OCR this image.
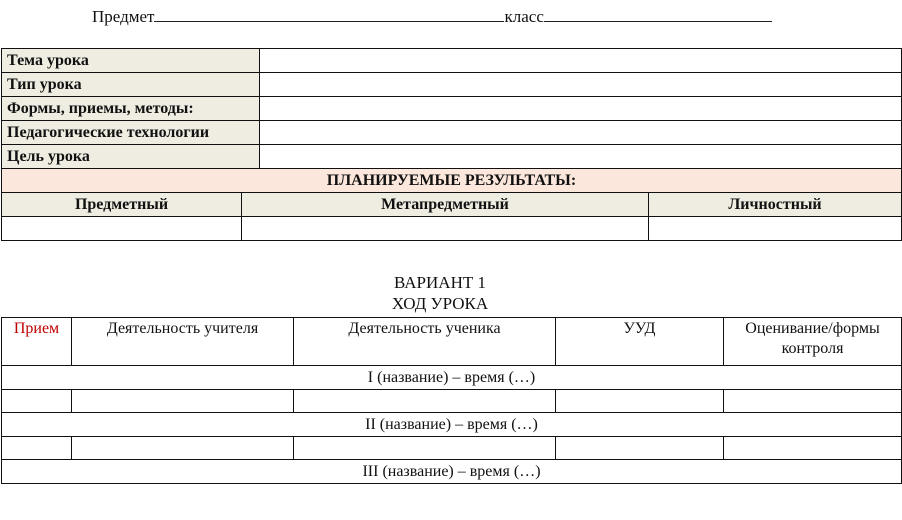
Предмет	класс
Тема урока			
Тип урока			
Формы, приемы, методы:			
Педагогические технологии			
Цель урока			
ПЛАНИРУЕМЫЕ РЕЗУЛЬТАТЫ:			
Предметный	Метапредметный		Личностный

ВАРИАНТ 1
ХОД УРОКА
Прием	Деятельность учителя	Деятельность ученика	УУД	Оценивание/формы контроля
I (название) – время (…)				

II (название) – время (…)				

III (название) – время (…)				
